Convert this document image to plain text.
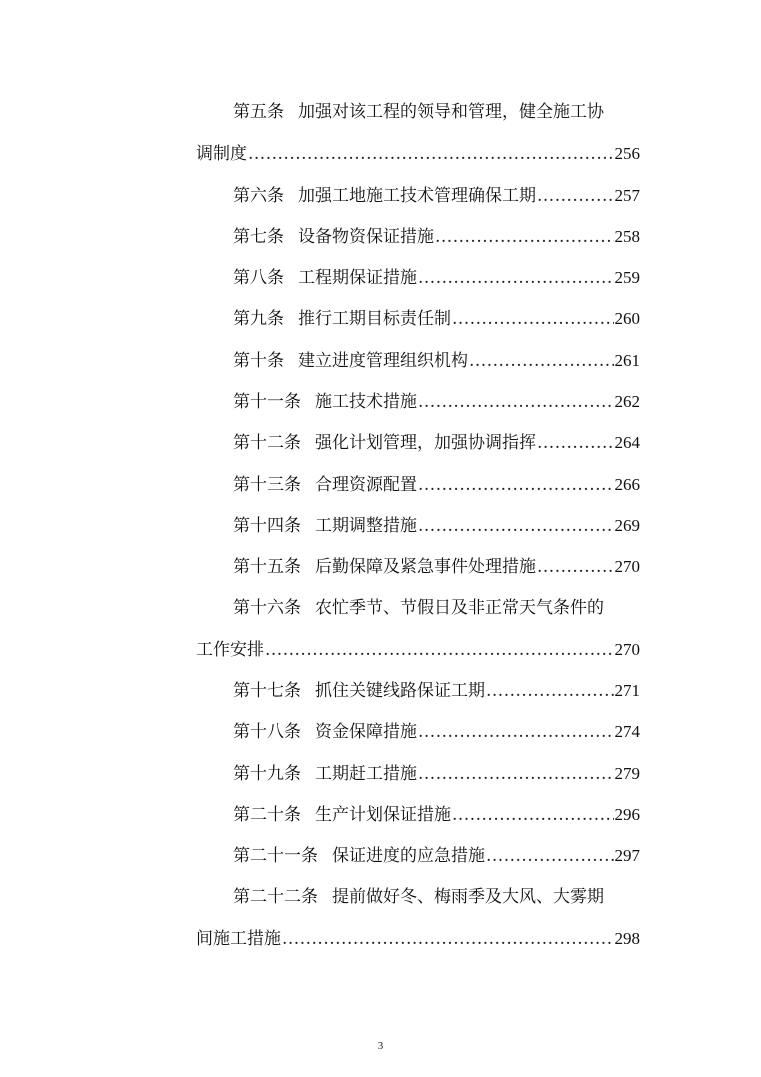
第五条 加强对该工程的领导和管理，健全施工协
调制度 .....	256
第六条 加强工地施工技术管理确保工期 .....	257
第七条 设备物资保证措施 .....	258
第八条 工程期保证措施 .....	259
第九条 推行工期目标责任制 .....	260
第十条 建立进度管理组织机构 .....	261
第十一条 施工技术措施 .....	262
第十二条 强化计划管理，加强协调指挥 .....	264
第十三条 合理资源配置 .....	266
第十四条 工期调整措施 .....	269
第十五条 后勤保障及紧急事件处理措施 .....	270
第十六条 农忙季节、节假日及非正常天气条件的
工作安排 .....	270
第十七条 抓住关键线路保证工期 .....	271
第十八条 资金保障措施 .....	274
第十九条 工期赶工措施 .....	279
第二十条 生产计划保证措施 .....	296
第二十一条 保证进度的应急措施 .....	297
第二十二条 提前做好冬、梅雨季及大风、大雾期
间施工措施 .....	298
3
